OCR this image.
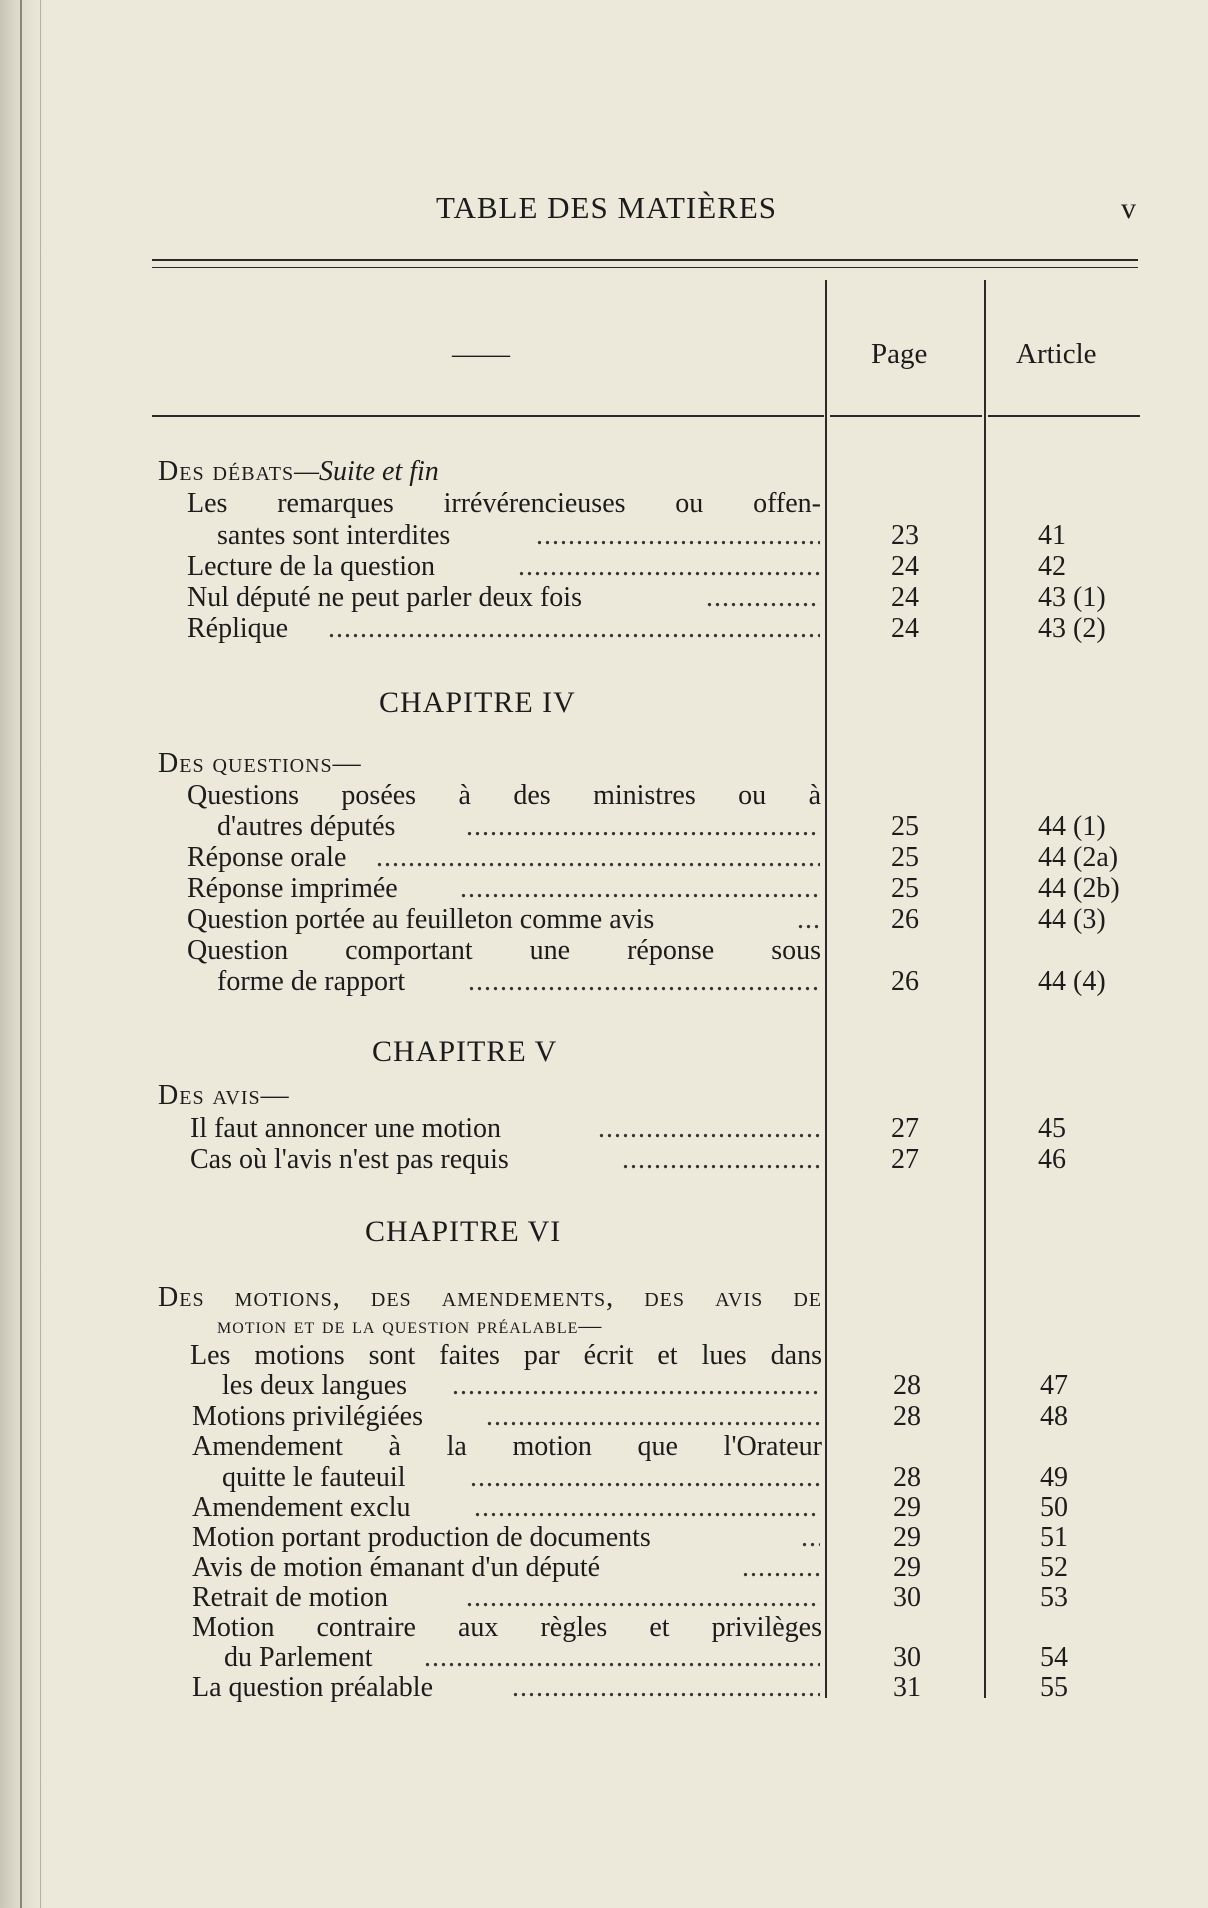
TABLE DES MATIÈRES	v
——	Page	Article
Des débats—Suite et fin
Les remarques irrévérencieuses ou offen-
santes sont interdites . . .	23	41
Lecture de la question . . .	24	42
Nul député ne peut parler deux fois . . .	24	43 (1)
Réplique . . .	24	43 (2)
CHAPITRE IV
Des questions—
Questions posées à des ministres ou à
d'autres députés . . .	25	44 (1)
Réponse orale . . .	25	44 (2a)
Réponse imprimée . . .	25	44 (2b)
Question portée au feuilleton comme avis . . .	26	44 (3)
Question comportant une réponse sous
forme de rapport . . .	26	44 (4)
CHAPITRE V
Des avis—
Il faut annoncer une motion . . .	27	45
Cas où l'avis n'est pas requis . . .	27	46
CHAPITRE VI
Des motions, des amendements, des avis de
motion et de la question préalable—
Les motions sont faites par écrit et lues dans
les deux langues . . .	28	47
Motions privilégiées . . .	28	48
Amendement à la motion que l'Orateur
quitte le fauteuil . . .	28	49
Amendement exclu . . .	29	50
Motion portant production de documents . . .	29	51
Avis de motion émanant d'un député . . .	29	52
Retrait de motion . . .	30	53
Motion contraire aux règles et privilèges
du Parlement . . .	30	54
La question préalable . . .	31	55
